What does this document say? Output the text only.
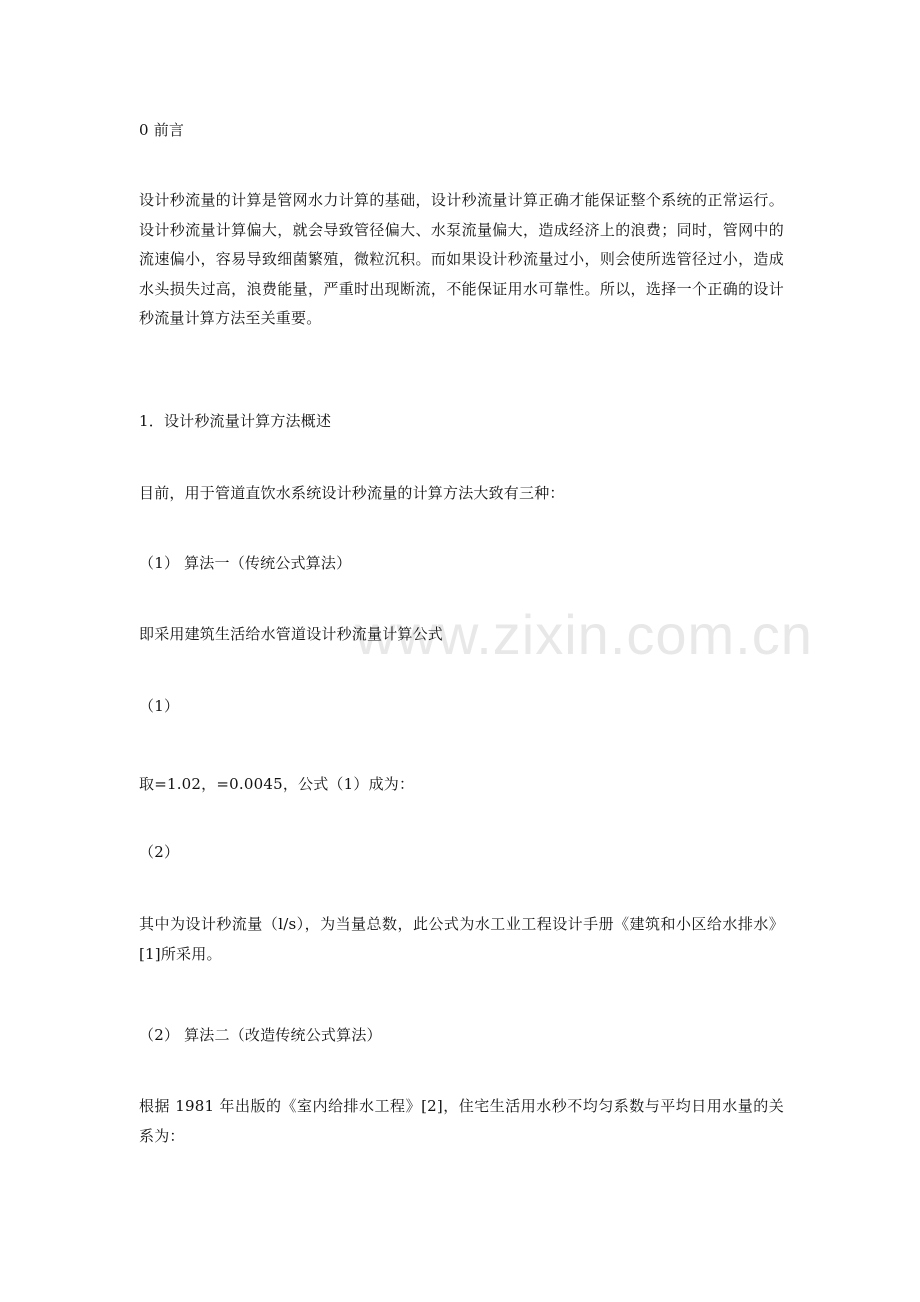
www.zixin.com.cn
0 前言
设计秒流量的计算是管网水力计算的基础，设计秒流量计算正确才能保证整个系统的正常运行。设计秒流量计算偏大，就会导致管径偏大、水泵流量偏大，造成经济上的浪费；同时，管网中的流速偏小，容易导致细菌繁殖，微粒沉积。而如果设计秒流量过小，则会使所选管径过小，造成水头损失过高，浪费能量，严重时出现断流，不能保证用水可靠性。所以，选择一个正确的设计秒流量计算方法至关重要。
1．设计秒流量计算方法概述
目前，用于管道直饮水系统设计秒流量的计算方法大致有三种：
（1） 算法一（传统公式算法）
即采用建筑生活给水管道设计秒流量计算公式
（1）
取=1.02，=0.0045，公式（1）成为：
（2）
其中为设计秒流量（l/s），为当量总数，此公式为水工业工程设计手册《建筑和小区给水排水》[1]所采用。
（2） 算法二（改造传统公式算法）
根据 1981 年出版的《室内给排水工程》[2]，住宅生活用水秒不均匀系数与平均日用水量的关系为：
